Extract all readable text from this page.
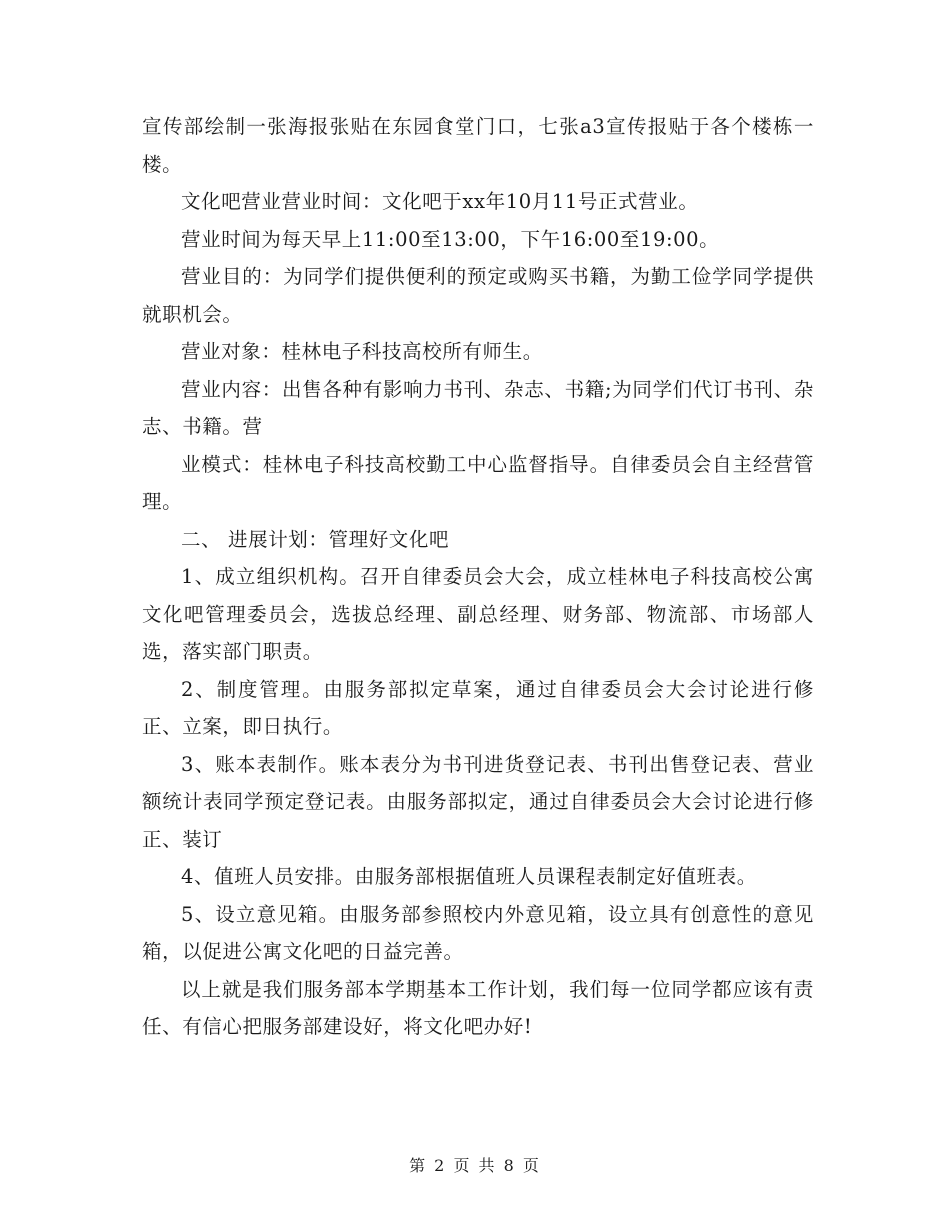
宣传部绘制一张海报张贴在东园食堂门口，七张a3宣传报贴于各个楼栋一楼。

文化吧营业营业时间：文化吧于xx年10月11号正式营业。

营业时间为每天早上11:00至13:00，下午16:00至19:00。

营业目的：为同学们提供便利的预定或购买书籍，为勤工俭学同学提供就职机会。

营业对象：桂林电子科技高校所有师生。

营业内容：出售各种有影响力书刊、杂志、书籍;为同学们代订书刊、杂志、书籍。营

业模式：桂林电子科技高校勤工中心监督指导。自律委员会自主经营管理。

二、 进展计划：管理好文化吧

1、成立组织机构。召开自律委员会大会，成立桂林电子科技高校公寓文化吧管理委员会，选拔总经理、副总经理、财务部、物流部、市场部人选，落实部门职责。

2、制度管理。由服务部拟定草案，通过自律委员会大会讨论进行修正、立案，即日执行。

3、账本表制作。账本表分为书刊进货登记表、书刊出售登记表、营业额统计表同学预定登记表。由服务部拟定，通过自律委员会大会讨论进行修正、装订

4、值班人员安排。由服务部根据值班人员课程表制定好值班表。

5、设立意见箱。由服务部参照校内外意见箱，设立具有创意性的意见箱，以促进公寓文化吧的日益完善。

以上就是我们服务部本学期基本工作计划，我们每一位同学都应该有责任、有信心把服务部建设好，将文化吧办好!

第 2 页 共 8 页
